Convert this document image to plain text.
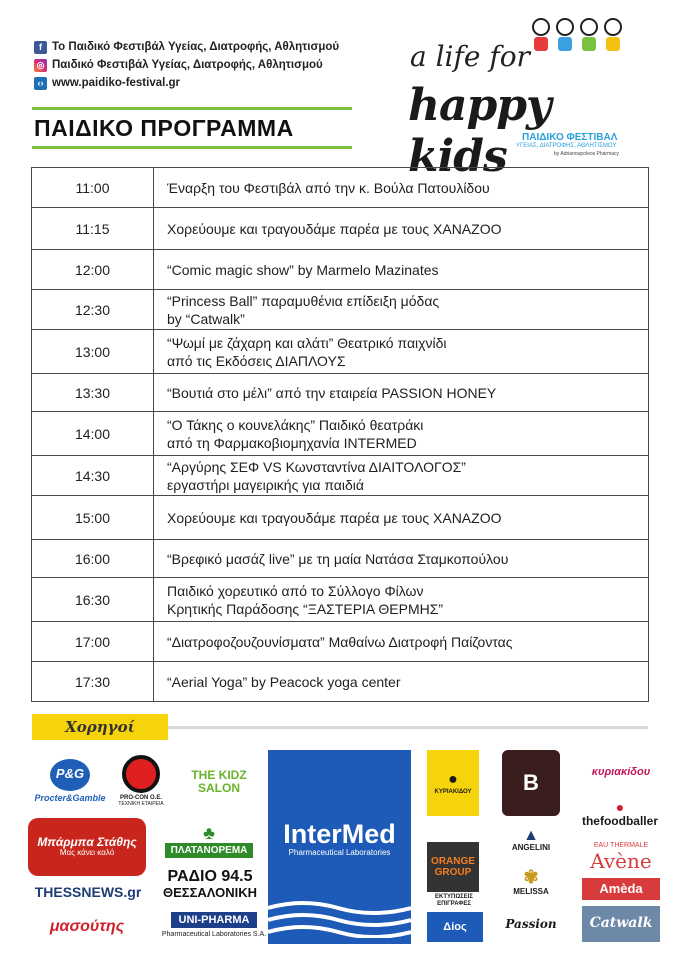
f Το Παιδικό Φεστιβάλ Υγείας, Διατροφής, Αθλητισμού
◎ Παιδικό Φεστιβάλ Υγείας, Διατροφής, Αθλητισμού
‹› www.paidiko-festival.gr
ΠΑΙΔΙΚΟ ΠΡΟΓΡΑΜΜΑ
a life for
happy kids	ΠΑΙΔΙΚΟ ΦΕΣΤΙΒΑΛ
ΥΓΕΙΑΣ, ΔΙΑΤΡΟΦΗΣ, ΑΘΛΗΤΙΣΜΟΥ
by Adrianoupoleos Pharmacy
11:00	Έναρξη του Φεστιβάλ από την κ. Βούλα Πατουλίδου

11:15	Χορεύουμε και τραγουδάμε παρέα με τους ΧΑΝΑΖΟΟ

12:00	“Comic magic show” by Marmelo Mazinates

12:30	“Princess Ball” παραμυθένια επίδειξη μόδας
by “Catwalk”

13:00	“Ψωμί με ζάχαρη και αλάτι” Θεατρικό παιχνίδι
από τις Εκδόσεις ΔΙΑΠΛΟΥΣ

13:30	“Βουτιά στο μέλι” από την εταιρεία PASSION HONEY

14:00	“Ο Τάκης ο κουνελάκης” Παιδικό θεατράκι
από τη Φαρμακοβιομηχανία INTERMED

14:30	“Αργύρης ΣΕΦ VS Κωνσταντίνα ΔΙΑΙΤΟΛΟΓΟΣ”
εργαστήρι μαγειρικής για παιδιά

15:00	Χορεύουμε και τραγουδάμε παρέα με τους ΧΑΝΑΖΟΟ

16:00	“Βρεφικό μασάζ live” με τη μαία Νατάσα Σταμκοπούλου

16:30	Παιδικό χορευτικό από το Σύλλογο Φίλων
Κρητικής Παράδοσης “ΞΑΣΤΕΡΙΑ ΘΕΡΜΗΣ”

17:00	“Διατροφοζουζουνίσματα” Μαθαίνω Διατροφή Παίζοντας

17:30	“Aerial Yoga” by Peacock yoga center
Χορηγοί
P&G
Procter&Gamble
Μπάρμπα Στάθης
Μας κάνει καλό
THESSNEWS.gr
μασούτης
PRO-CON Ο.Ε.
ΤΕΧΝΙΚΗ ΕΤΑΙΡΕΙΑ
THE KIDZ SALON
♣
ΠΛΑΤΑΝΟΡΕΜΑ
ΡΑΔΙΟ 94.5
ΘΕΣΣΑΛΟΝΙΚΗ
UNI-PHARMA
Pharmaceutical Laboratories S.A.
InterMed
Pharmaceutical Laboratories
●
ΚΥΡΙΑΚΙΔΟΥ
ORANGE GROUP
ΕΚΤΥΠΩΣΕΙΣ ΕΠΙΓΡΑΦΕΣ
Δίος
B
▲
ANGELINI
✾
MELISSA
Passion
κυριακίδου
●
thefoodballer
EAU THERMALE
Avène
Amèda
Catwalk
